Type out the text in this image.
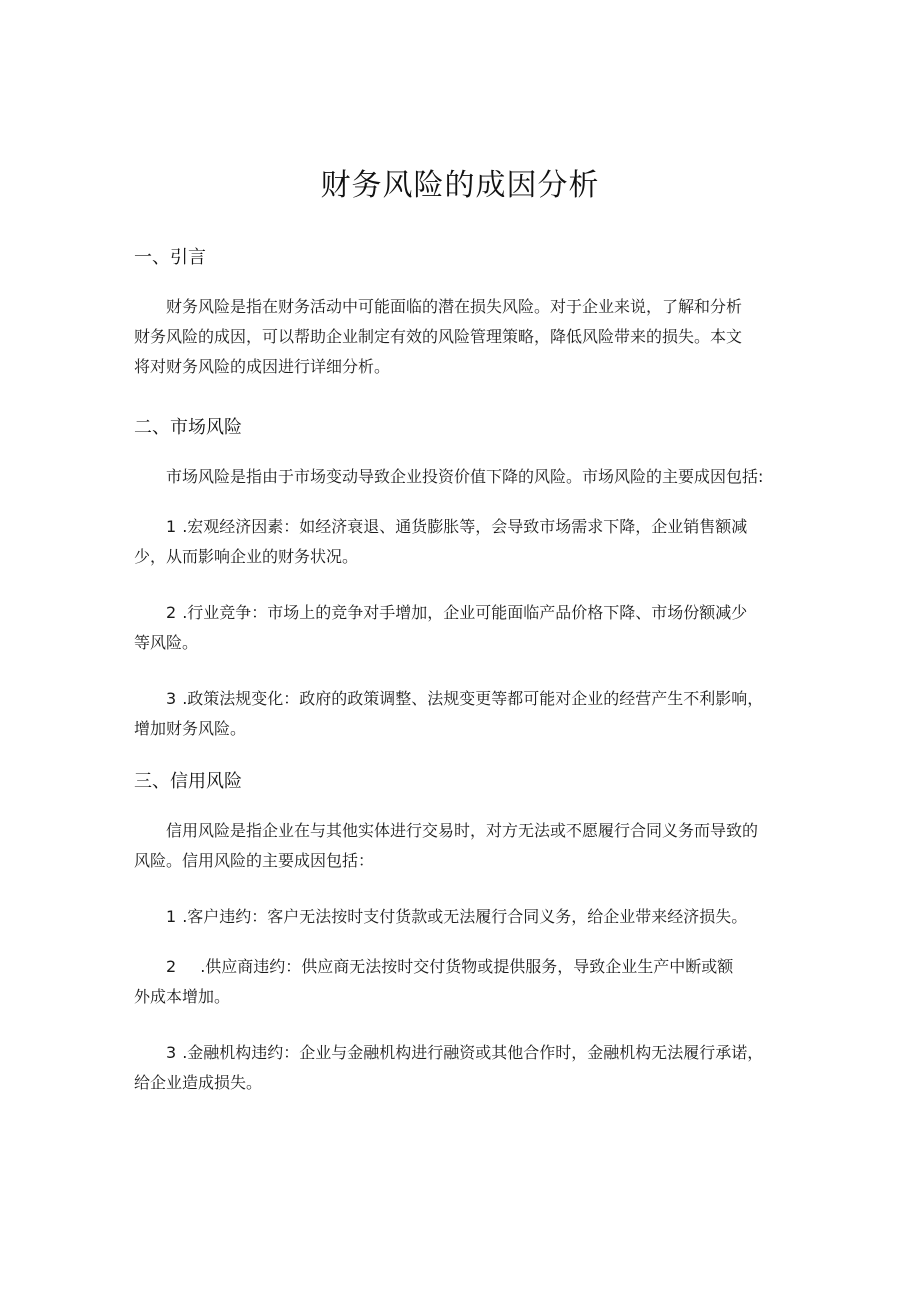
财务风险的成因分析
一、引言
财务风险是指在财务活动中可能面临的潜在损失风险。对于企业来说，了解和分析
财务风险的成因，可以帮助企业制定有效的风险管理策略，降低风险带来的损失。本文
将对财务风险的成因进行详细分析。
二、市场风险
市场风险是指由于市场变动导致企业投资价值下降的风险。市场风险的主要成因包括:
1 .宏观经济因素：如经济衰退、通货膨胀等，会导致市场需求下降，企业销售额减
少，从而影响企业的财务状况。
2 .行业竞争：市场上的竞争对手增加，企业可能面临产品价格下降、市场份额减少
等风险。
3 .政策法规变化：政府的政策调整、法规变更等都可能对企业的经营产生不利影响，
增加财务风险。
三、信用风险
信用风险是指企业在与其他实体进行交易时，对方无法或不愿履行合同义务而导致的
风险。信用风险的主要成因包括：
1 .客户违约：客户无法按时支付货款或无法履行合同义务，给企业带来经济损失。
2 .供应商违约：供应商无法按时交付货物或提供服务，导致企业生产中断或额
外成本增加。
3 .金融机构违约：企业与金融机构进行融资或其他合作时，金融机构无法履行承诺，
给企业造成损失。
